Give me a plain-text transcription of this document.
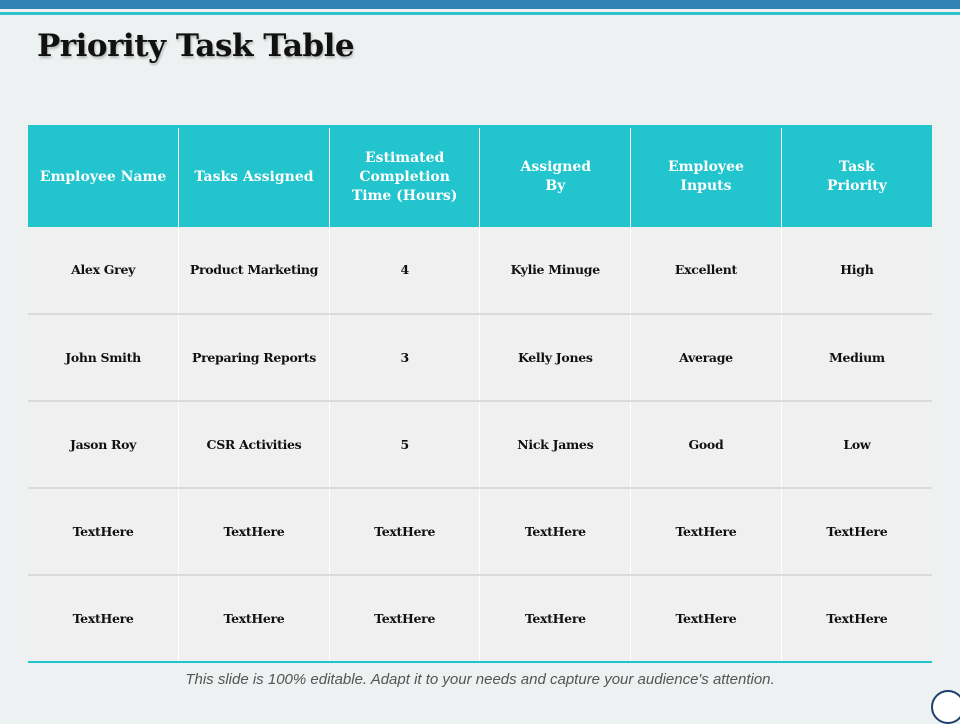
Priority Task Table
Employee Name	Tasks Assigned	Estimated Completion Time (Hours)	Assigned By	Employee Inputs	Task Priority
Alex Grey	Product Marketing	4	Kylie Minuge	Excellent	High
John Smith	Preparing Reports	3	Kelly Jones	Average	Medium
Jason Roy	CSR Activities	5	Nick James	Good	Low
TextHere	TextHere	TextHere	TextHere	TextHere	TextHere
TextHere	TextHere	TextHere	TextHere	TextHere	TextHere
This slide is 100% editable. Adapt it to your needs and capture your audience's attention.
